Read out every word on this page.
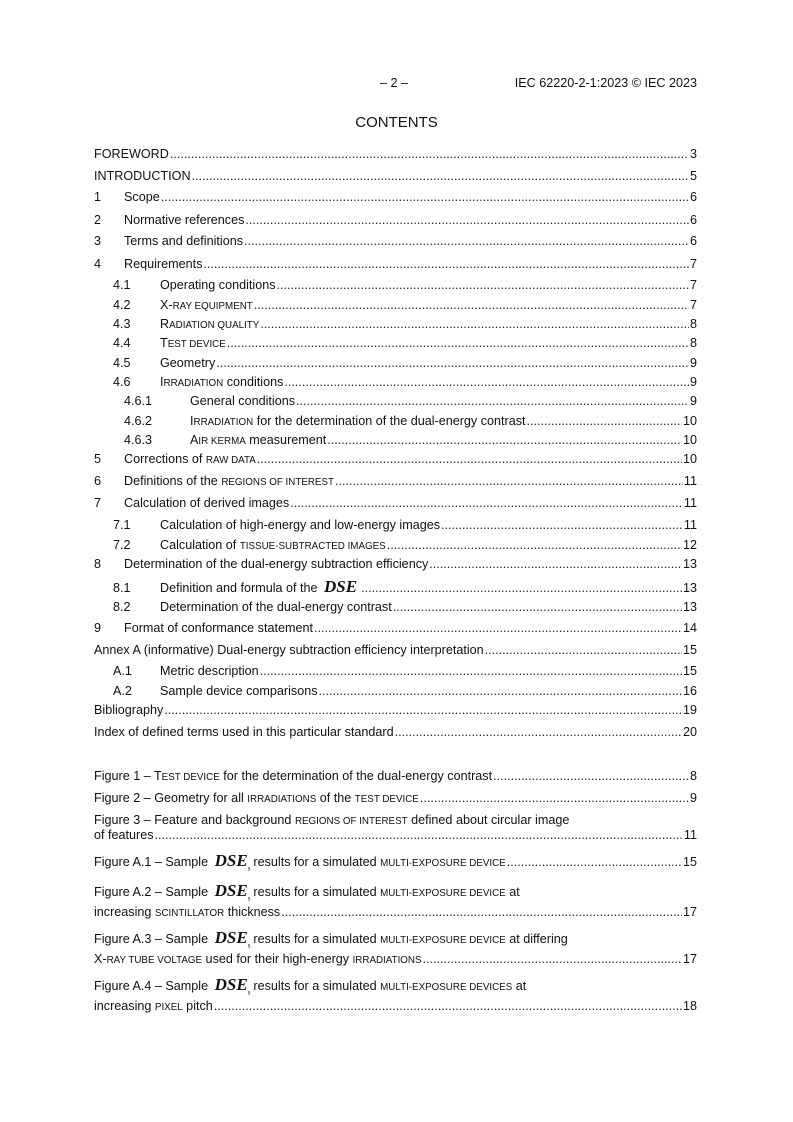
– 2 –	IEC 62220-2-1:2023 © IEC 2023
CONTENTS
FOREWORD .....	3
INTRODUCTION .....	5
1	Scope .....	6
2	Normative references .....	6
3	Terms and definitions .....	6
4	Requirements .....	7
4.1	Operating conditions .....	7
4.2	X-RAY EQUIPMENT .....	7
4.3	RADIATION QUALITY .....	8
4.4	TEST DEVICE .....	8
4.5	Geometry .....	9
4.6	IRRADIATION conditions .....	9
4.6.1	General conditions .....	9
4.6.2	IRRADIATION for the determination of the dual-energy contrast .....	10
4.6.3	AIR KERMA measurement .....	10
5	Corrections of RAW DATA .....	10
6	Definitions of the REGIONS OF INTEREST .....	11
7	Calculation of derived images .....	11
7.1	Calculation of high-energy and low-energy images .....	11
7.2	Calculation of TISSUE-SUBTRACTED IMAGES .....	12
8	Determination of the dual-energy subtraction efficiency .....	13
8.1	Definition and formula of the DSE .....	13
8.2	Determination of the dual-energy contrast .....	13
9	Format of conformance statement .....	14
Annex A (informative) Dual-energy subtraction efficiency interpretation .....	15
A.1	Metric description .....	15
A.2	Sample device comparisons .....	16
Bibliography .....	19
Index of defined terms used in this particular standard .....	20
Figure 1 – TEST DEVICE for the determination of the dual-energy contrast .....	8
Figure 2 – Geometry for all IRRADIATIONS of the TEST DEVICE .....	9
Figure 3 – Feature and background REGIONS OF INTEREST defined about circular image
of features .....	11
Figure A.1 – Sample $DSE_s$ results for a simulated MULTI-EXPOSURE DEVICE .....	15
Figure A.2 – Sample $DSE_s$ results for a simulated MULTI-EXPOSURE DEVICE at
increasing SCINTILLATOR thickness .....	17
Figure A.3 – Sample $DSE_s$ results for a simulated MULTI-EXPOSURE DEVICE at differing
X-RAY TUBE VOLTAGE used for their high-energy IRRADIATIONS .....	17
Figure A.4 – Sample $DSE_s$ results for a simulated MULTI-EXPOSURE DEVICES at
increasing PIXEL pitch .....	18
